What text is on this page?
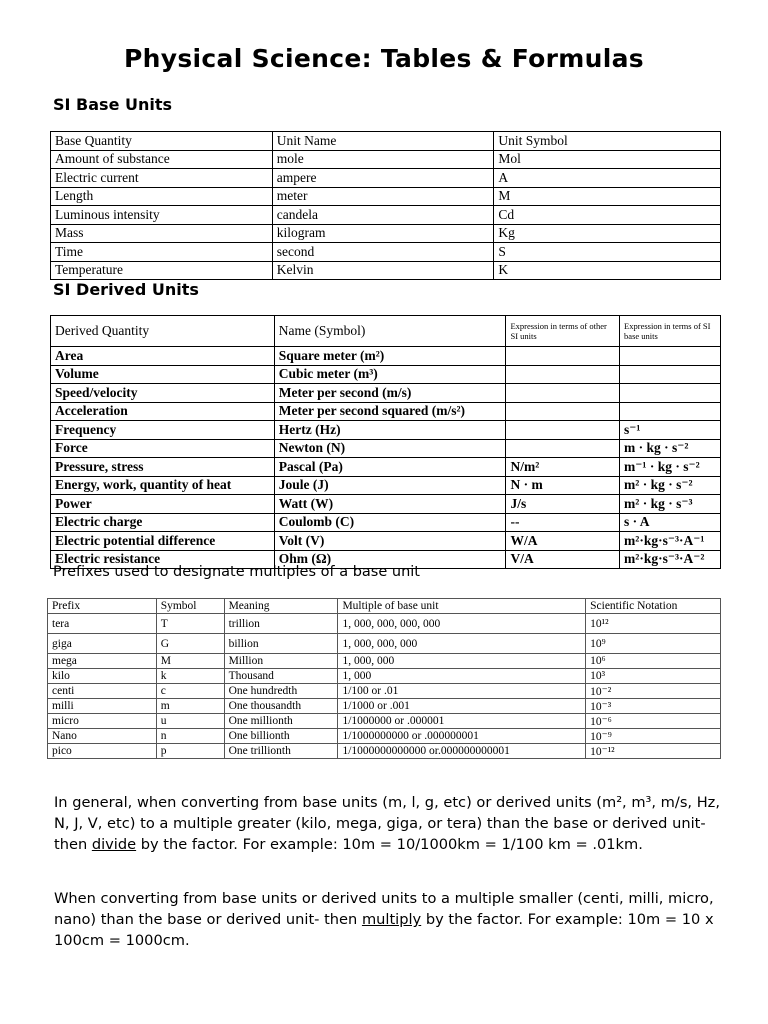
Physical Science: Tables & Formulas
SI Base Units
Base Quantity	Unit Name	Unit Symbol
Amount of substance	mole	Mol
Electric current	ampere	A
Length	meter	M
Luminous intensity	candela	Cd
Mass	kilogram	Kg
Time	second	S
Temperature	Kelvin	K
SI Derived Units
Derived Quantity	Name (Symbol)	Expression in terms of other SI units	Expression in terms of SI base units
Area	Square meter (m²)		
Volume	Cubic meter (m³)		
Speed/velocity	Meter per second (m/s)		
Acceleration	Meter per second squared (m/s²)		
Frequency	Hertz (Hz)		s⁻¹
Force	Newton (N)		m · kg · s⁻²
Pressure, stress	Pascal (Pa)	N/m²	m⁻¹ · kg · s⁻²
Energy, work, quantity of heat	Joule (J)	N · m	m² · kg · s⁻²
Power	Watt (W)	J/s	m² · kg · s⁻³
Electric charge	Coulomb (C)	--	s · A
Electric potential difference	Volt (V)	W/A	m²·kg·s⁻³·A⁻¹
Electric resistance	Ohm (Ω)	V/A	m²·kg·s⁻³·A⁻²
Prefixes used to designate multiples of a base unit
Prefix	Symbol	Meaning	Multiple of base unit	Scientific Notation
tera	T	trillion	1, 000, 000, 000, 000	10¹²
giga	G	billion	1, 000, 000, 000	10⁹
mega	M	Million	1, 000, 000	10⁶
kilo	k	Thousand	1, 000	10³
centi	c	One hundredth	1/100 or .01	10⁻²
milli	m	One thousandth	1/1000 or .001	10⁻³
micro	u	One millionth	1/1000000 or .000001	10⁻⁶
Nano	n	One billionth	1/1000000000 or .000000001	10⁻⁹
pico	p	One trillionth	1/1000000000000 or.000000000001	10⁻¹²
In general, when converting from base units (m, l, g, etc) or derived units (m², m³, m/s, Hz, N, J, V, etc) to a multiple greater (kilo, mega, giga, or tera) than the base or derived unit- then divide by the factor. For example: 10m = 10/1000km = 1/100 km = .01km.
When converting from base units or derived units to a multiple smaller (centi, milli, micro, nano) than the base or derived unit- then multiply by the factor. For example: 10m = 10 x 100cm = 1000cm.
